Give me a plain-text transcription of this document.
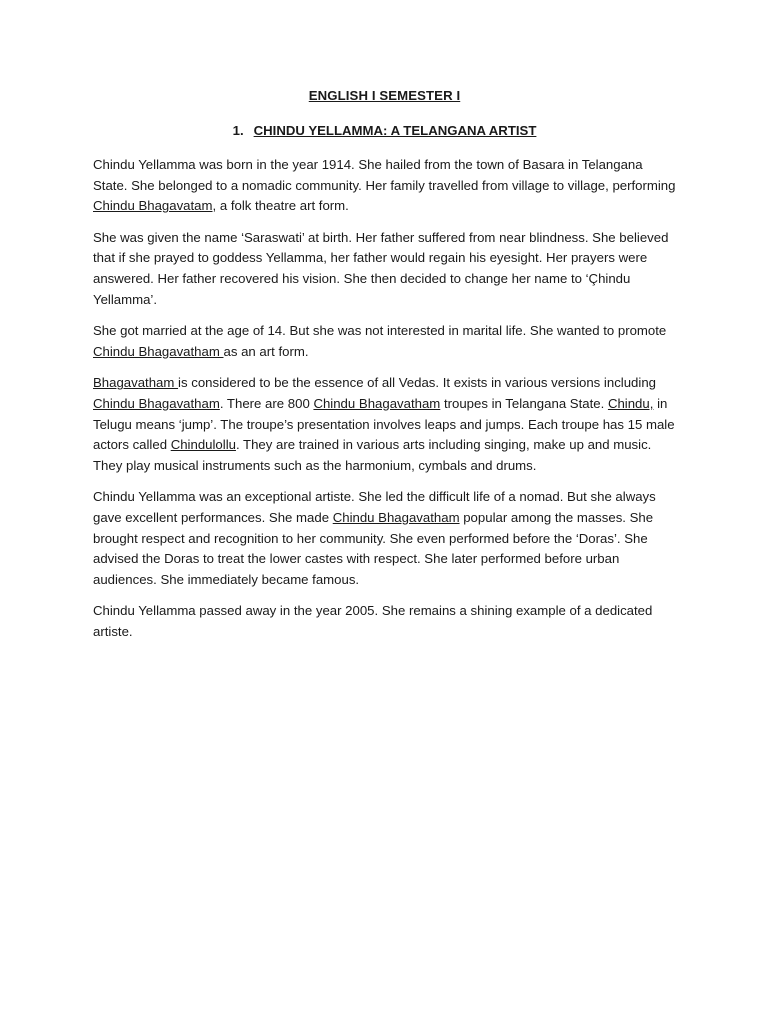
ENGLISH I SEMESTER I
1. CHINDU YELLAMMA: A TELANGANA ARTIST
Chindu Yellamma was born in the year 1914. She hailed from the town of Basara in Telangana State. She belonged to a nomadic community. Her family travelled from village to village, performing Chindu Bhagavatam, a folk theatre art form.
She was given the name ‘Saraswati’ at birth. Her father suffered from near blindness. She believed that if she prayed to goddess Yellamma, her father would regain his eyesight. Her prayers were answered. Her father recovered his vision. She then decided to change her name to ‘Çhindu Yellamma’.
She got married at the age of 14. But she was not interested in marital life. She wanted to promote Chindu Bhagavatham as an art form.
Bhagavatham is considered to be the essence of all Vedas. It exists in various versions including Chindu Bhagavatham. There are 800 Chindu Bhagavatham troupes in Telangana State. Chindu, in Telugu means ‘jump’. The troupe’s presentation involves leaps and jumps. Each troupe has 15 male actors called Chindulollu. They are trained in various arts including singing, make up and music. They play musical instruments such as the harmonium, cymbals and drums.
Chindu Yellamma was an exceptional artiste. She led the difficult life of a nomad. But she always gave excellent performances. She made Chindu Bhagavatham popular among the masses. She brought respect and recognition to her community. She even performed before the ‘Doras’. She advised the Doras to treat the lower castes with respect. She later performed before urban audiences. She immediately became famous.
Chindu Yellamma passed away in the year 2005. She remains a shining example of a dedicated artiste.
